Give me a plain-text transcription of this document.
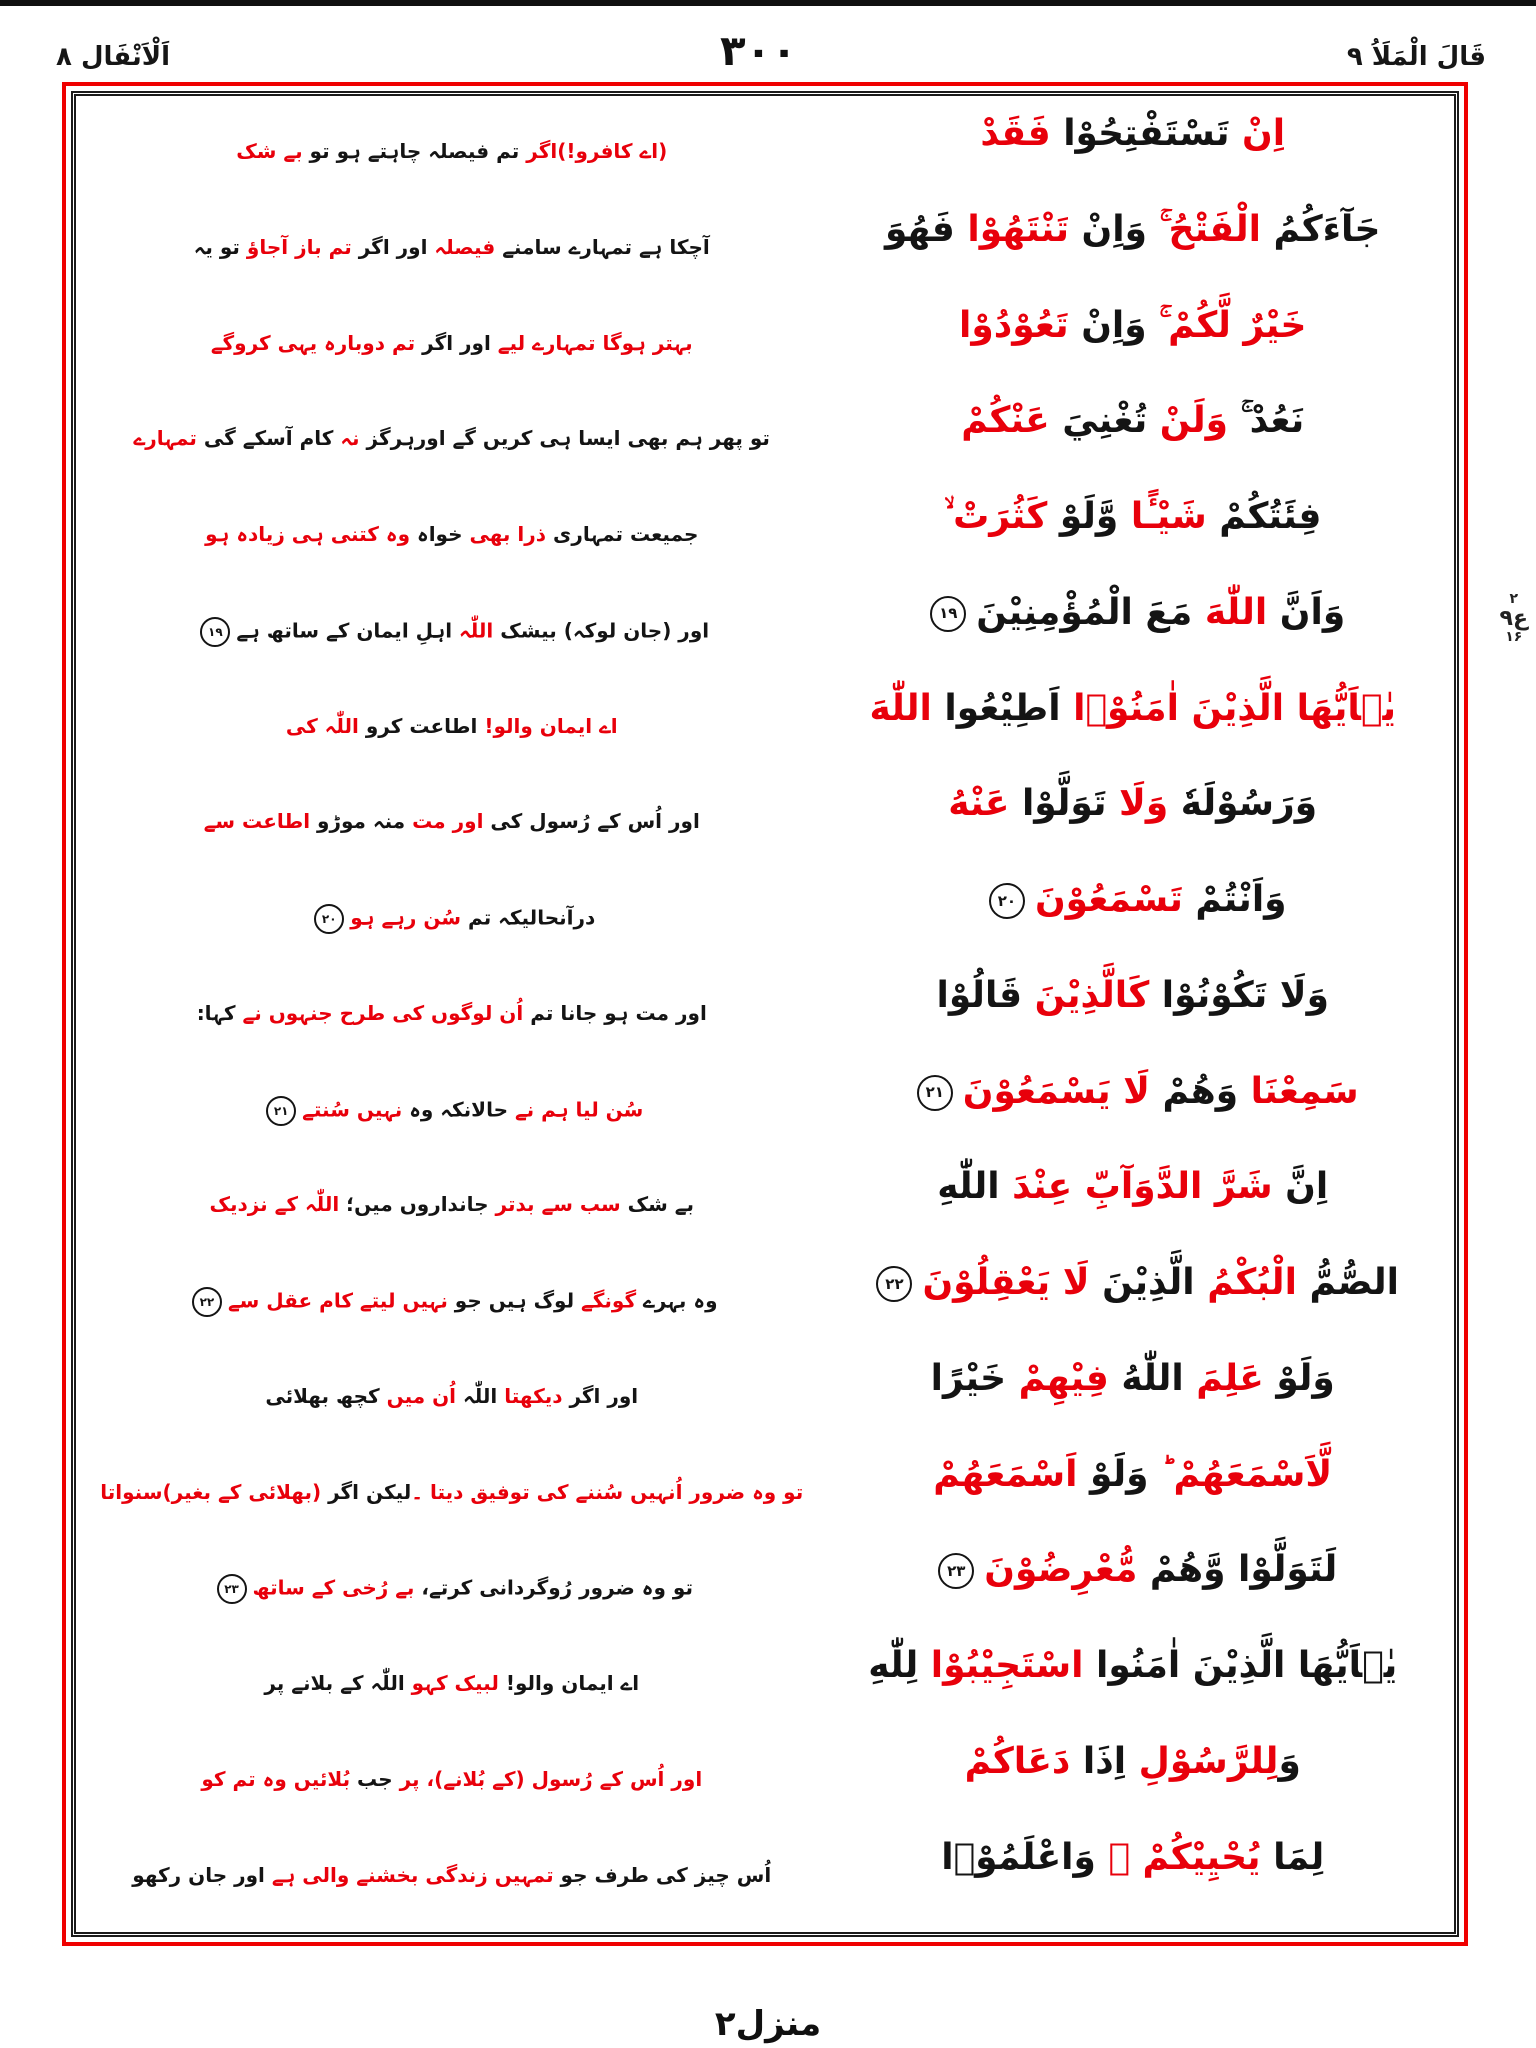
قَالَ الْمَلَاُ ٩
۳۰۰
اَلْاَنْفَال ٨
اِنْ تَسْتَفْتِحُوْا فَقَدْ
(اے کافرو!)اگر تم فیصلہ چاہتے ہو تو بے شک
جَآءَكُمُ الْفَتْحُ ۚ وَاِنْ تَنْتَهُوْا فَهُوَ
آچکا ہے تمہارے سامنے فیصلہ اور اگر تم باز آجاؤ تو یہ
خَيْرٌ لَّكُمْ ۚ وَاِنْ تَعُوْدُوْا
بہتر ہوگا تمہارے لیے اور اگر تم دوبارہ یہی کروگے
نَعُدْ ۚ وَلَنْ تُغْنِيَ عَنْكُمْ
تو پھر ہم بھی ایسا ہی کریں گے اورہرگز نہ کام آسکے گی تمہارے
فِئَتُكُمْ شَيْـًٔا وَّلَوْ كَثُرَتْ ۙ
جمیعت تمہاری ذرا بھی خواہ وہ کتنی ہی زیادہ ہو
وَاَنَّ اللّٰهَ مَعَ الْمُؤْمِنِيْنَ١٩
اور (جان لوکہ) بیشک اللّٰہ اہلِ ایمان کے ساتھ ہے۱۹
يٰۤاَيُّهَا الَّذِيْنَ اٰمَنُوْۤا اَطِيْعُوا اللّٰهَ
اے ایمان والو! اطاعت کرو اللّٰہ کی
وَرَسُوْلَهٗ وَلَا تَوَلَّوْا عَنْهُ
اور اُس کے رُسول کی اور مت منہ موڑو اطاعت سے
وَاَنْتُمْ تَسْمَعُوْنَ٢٠
درآنحالیکہ تم سُن رہے ہو۲۰
وَلَا تَكُوْنُوْا كَالَّذِيْنَ قَالُوْا
اور مت ہو جانا تم اُن لوگوں کی طرح جنہوں نے کہا:
سَمِعْنَا وَهُمْ لَا يَسْمَعُوْنَ٢١
سُن لیا ہم نے حالانکہ وہ نہیں سُنتے۲۱
اِنَّ شَرَّ الدَّوَآبِّ عِنْدَ اللّٰهِ
بے شک سب سے بدتر جانداروں میں؛ اللّٰہ کے نزدیک
الصُّمُّ الْبُكْمُ الَّذِيْنَ لَا يَعْقِلُوْنَ٢٢
وہ بہرے گونگے لوگ ہیں جو نہیں لیتے کام عقل سے۲۲
وَلَوْ عَلِمَ اللّٰهُ فِيْهِمْ خَيْرًا
اور اگر دیکھتا اللّٰہ اُن میں کچھ بھلائی
لَّاَسْمَعَهُمْ ؕ وَلَوْ اَسْمَعَهُمْ
تو وہ ضرور اُنہیں سُننے کی توفیق دیتا ۔لیکن اگر (بھلائی کے بغیر)سنواتا
لَتَوَلَّوْا وَّهُمْ مُّعْرِضُوْنَ٢٣
تو وہ ضرور رُوگردانی کرتے، بے رُخی کے ساتھ۲۳
يٰۤاَيُّهَا الَّذِيْنَ اٰمَنُوا اسْتَجِيْبُوْا لِلّٰهِ
اے ایمان والو! لبیک کہو اللّٰہ کے بلانے پر
وَلِلرَّسُوْلِ اِذَا دَعَاكُمْ
اور اُس کے رُسول (کے بُلانے)، پر جب بُلائیں وہ تم کو
لِمَا يُحْيِيْكُمْ ۚ وَاعْلَمُوْۤا
اُس چیز کی طرف جو تمہیں زندگی بخشنے والی ہے اور جان رکھو
۲
ع۹
۱۶
منزل۲
